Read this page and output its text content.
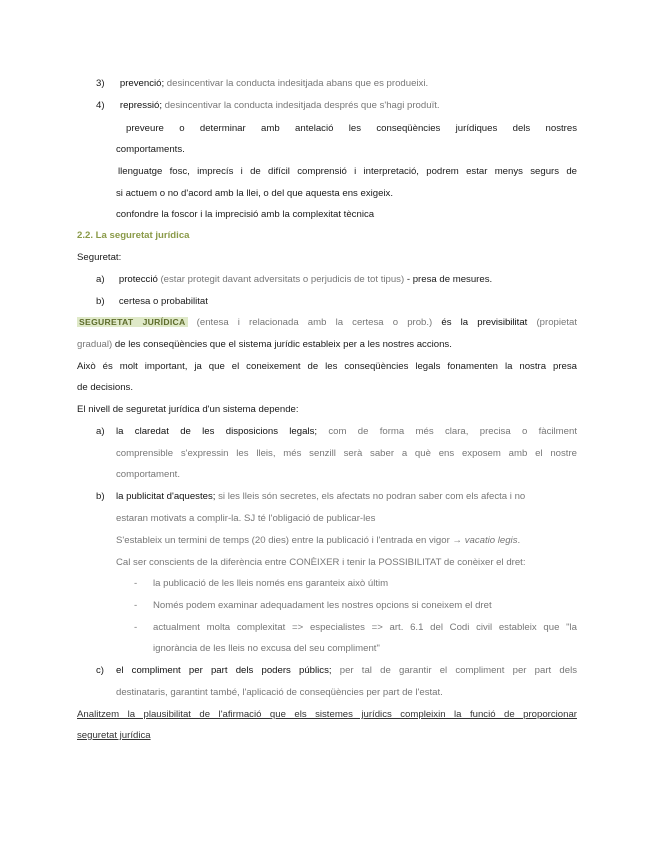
3) prevenció; desincentivar la conducta indesitjada abans que es produeixi.
4) repressió; desincentivar la conducta indesitjada després que s'hagi produït.
preveure o determinar amb antelació les conseqüències jurídiques dels nostres
comportaments.
llenguatge fosc, imprecís i de difícil comprensió i interpretació, podrem estar menys segurs de
si actuem o no d'acord amb la llei, o del que aquesta ens exigeix.
confondre la foscor i la imprecisió amb la complexitat tècnica
2.2. La seguretat jurídica
Seguretat:
a) protecció (estar protegit davant adversitats o perjudicis de tot tipus) - presa de mesures.
b) certesa o probabilitat
SEGURETAT JURÍDICA (entesa i relacionada amb la certesa o prob.) és la previsibilitat (propietat
gradual) de les conseqüències que el sistema jurídic estableix per a les nostres accions.
Això és molt important, ja que el coneixement de les conseqüències legals fonamenten la nostra presa
de decisions.
El nivell de seguretat jurídica d'un sistema depende:
a) la claredat de les disposicions legals; com de forma més clara, precisa o fàcilment
comprensible s'expressin les lleis, més senzill serà saber a què ens exposem amb el nostre
comportament.
b) la publicitat d'aquestes; si les lleis són secretes, els afectats no podran saber com els afecta i no
estaran motivats a complir-la. SJ té l'obligació de publicar-les
S'estableix un termini de temps (20 dies) entre la publicació i l'entrada en vigor → vacatio legis.
Cal ser conscients de la diferència entre CONÈIXER i tenir la POSSIBILITAT de conèixer el dret:
- la publicació de les lleis només ens garanteix això últim
- Només podem examinar adequadament les nostres opcions si coneixem el dret
- actualment molta complexitat => especialistes => art. 6.1 del Codi civil estableix que "la
ignorància de les lleis no excusa del seu compliment"
c) el compliment per part dels poders públics; per tal de garantir el compliment per part dels
destinataris, garantint també, l'aplicació de conseqüències per part de l'estat.
Analitzem la plausibilitat de l'afirmació que els sistemes jurídics compleixin la funció de proporcionar
seguretat jurídica
